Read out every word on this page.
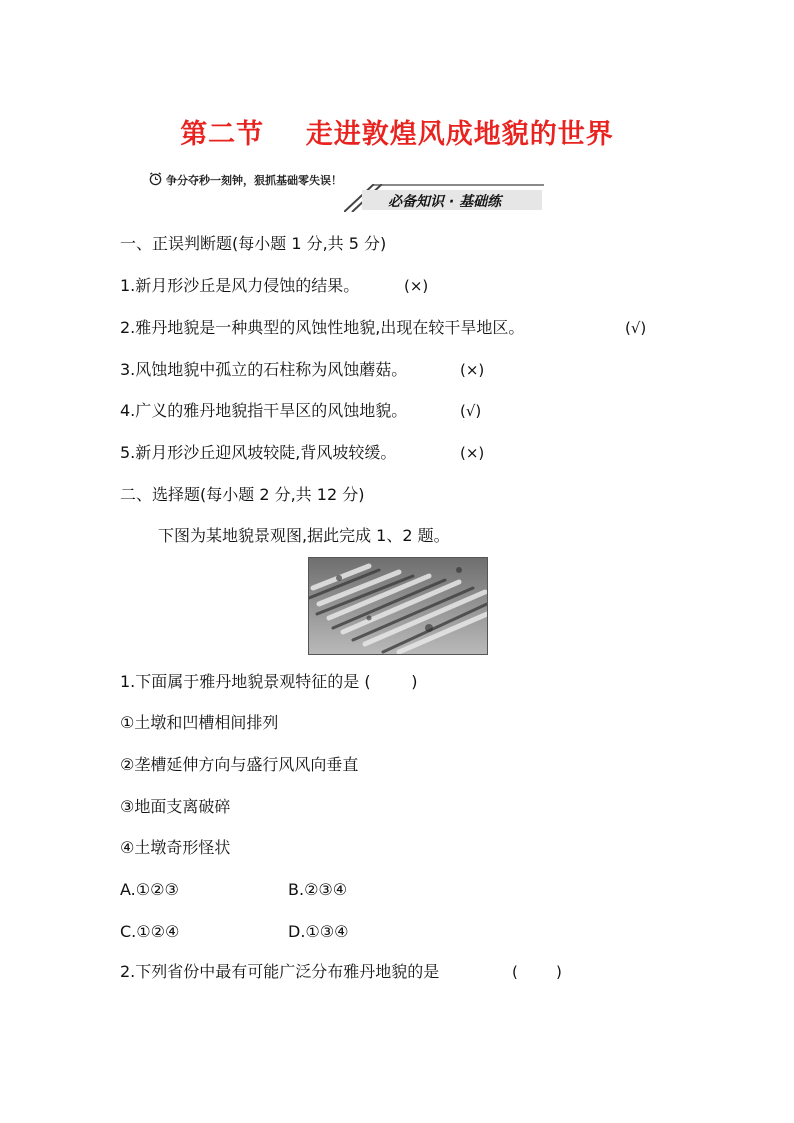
第二节    走进敦煌风成地貌的世界
争分夺秒一刻钟，狠抓基础零失误！
必备知识 · 基础练
一、正误判断题(每小题 1 分,共 5 分)
1.新月形沙丘是风力侵蚀的结果。	(×)
2.雅丹地貌是一种典型的风蚀性地貌,出现在较干旱地区。	(√)
3.风蚀地貌中孤立的石柱称为风蚀蘑菇。	(×)
4.广义的雅丹地貌指干旱区的风蚀地貌。	(√)
5.新月形沙丘迎风坡较陡,背风坡较缓。	(×)
二、选择题(每小题 2 分,共 12 分)
下图为某地貌景观图,据此完成 1、2 题。
1.下面属于雅丹地貌景观特征的是 (        )
①土墩和凹槽相间排列
②垄槽延伸方向与盛行风风向垂直
③地面支离破碎
④土墩奇形怪状
A.①②③	B.②③④
C.①②④	D.①③④
2.下列省份中最有可能广泛分布雅丹地貌的是	(        )
